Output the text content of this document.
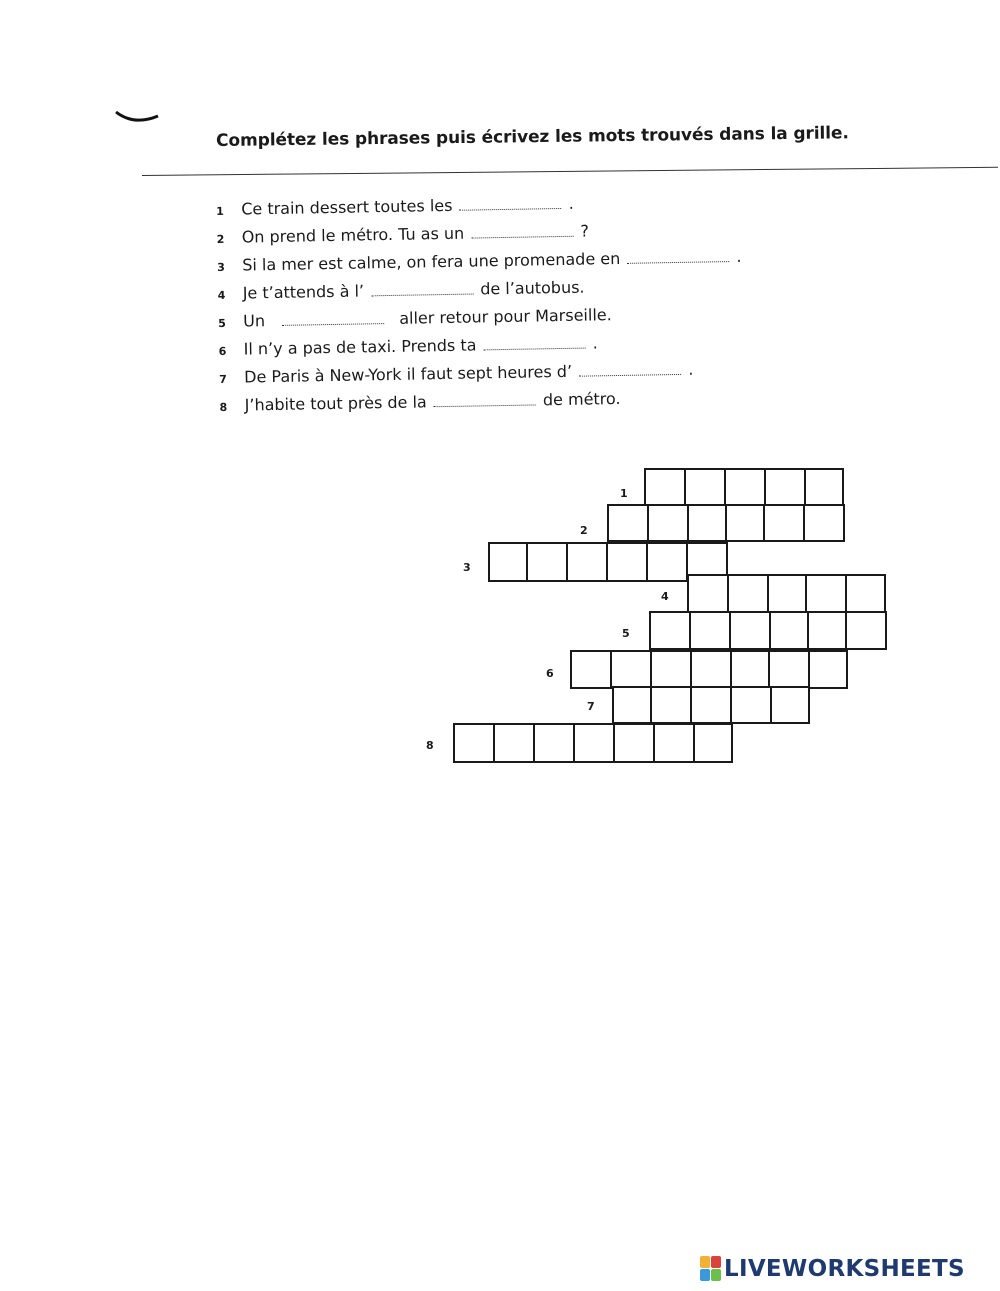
Complétez les phrases puis écrivez les mots trouvés dans la grille.
1 Ce train dessert toutes les	.
2 On prend le métro. Tu as un	?
3 Si la mer est calme, on fera une promenade en	.
4 Je t’attends à l’	de l’autobus.
5 Un	aller retour pour Marseille.
6 Il n’y a pas de taxi. Prends ta	.
7 De Paris à New-York il faut sept heures d’	.
8 J’habite tout près de la	de métro.
1
2
3
4
5
6
7
8
LIVEWORKSHEETS
